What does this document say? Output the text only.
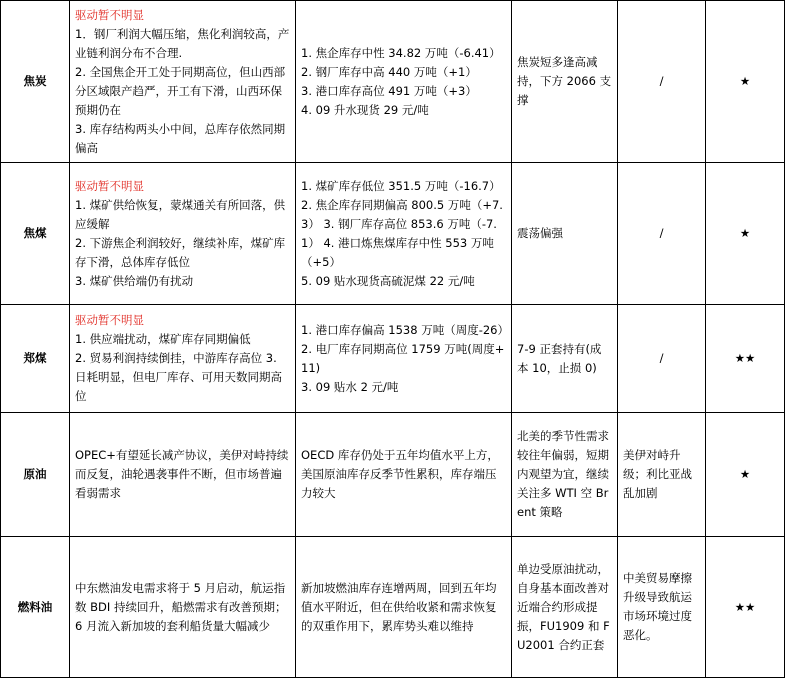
焦炭	驱动暂不明显
1．钢厂利润大幅压缩，焦化利润较高，产业链利润分布不合理.
2. 全国焦企开工处于同期高位，但山西部分区域限产趋严，开工有下滑，山西环保预期仍在
3. 库存结构两头小中间，总库存依然同期偏高	1. 焦企库存中性 34.82 万吨（-6.41）
2. 钢厂库存中高 440 万吨（+1）
3. 港口库存高位 491 万吨（+3）
4. 09 升水现货 29 元/吨	焦炭短多逢高减持，下方 2066 支撑	/	★
焦煤	驱动暂不明显
1. 煤矿供给恢复，蒙煤通关有所回落，供应缓解
2. 下游焦企利润较好，继续补库，煤矿库存下滑，总体库存低位
3. 煤矿供给端仍有扰动	1. 煤矿库存低位 351.5 万吨（-16.7）
2. 焦企库存同期偏高 800.5 万吨（+7.3） 3. 钢厂库存高位 853.6 万吨（-7.1） 4. 港口炼焦煤库存中性 553 万吨（+5）
5. 09 贴水现货高硫泥煤 22 元/吨	震荡偏强	/	★
郑煤	驱动暂不明显
1. 供应端扰动，煤矿库存同期偏低
2. 贸易利润持续倒挂，中游库存高位 3. 日耗明显，但电厂库存、可用天数同期高位	1. 港口库存偏高 1538 万吨（周度-26）
2. 电厂库存同期高位 1759 万吨(周度+11)
3. 09 贴水 2 元/吨	7-9 正套持有(成本 10，止损 0)	/	★★
原油	OPEC+有望延长减产协议，美伊对峙持续而反复，油轮遇袭事件不断，但市场普遍看弱需求	OECD 库存仍处于五年均值水平上方，美国原油库存反季节性累积，库存端压力较大	北美的季节性需求较往年偏弱，短期内观望为宜，继续关注多 WTI 空 Brent 策略	美伊对峙升级；利比亚战乱加剧	★
燃料油	中东燃油发电需求将于 5 月启动，航运指数 BDI 持续回升，船燃需求有改善预期；6 月流入新加坡的套利船货量大幅减少	新加坡燃油库存连增两周，回到五年均值水平附近，但在供给收紧和需求恢复的双重作用下，累库势头难以维持	单边受原油扰动，自身基本面改善对近端合约形成提振，FU1909 和 FU2001 合约正套	中美贸易摩擦升级导致航运市场环境过度恶化。	★★
